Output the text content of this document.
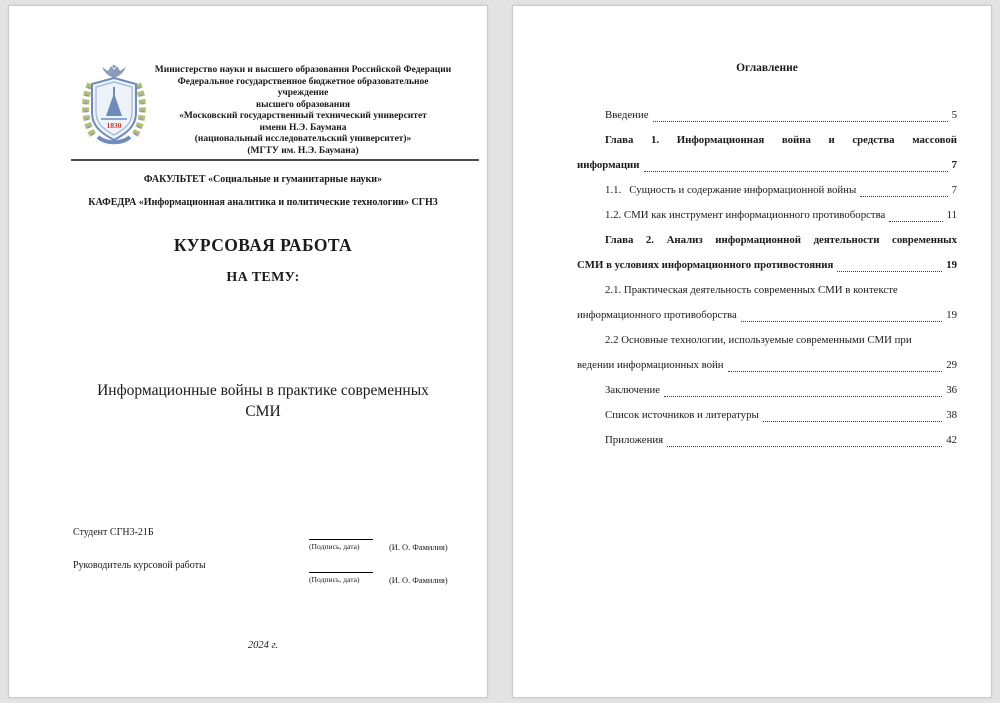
1830
Министерство науки и высшего образования Российской Федерации
Федеральное государственное бюджетное образовательное учреждение
высшего образования
«Московский государственный технический университет
имени Н.Э. Баумана
(национальный исследовательский университет)»
(МГТУ им. Н.Э. Баумана)
ФАКУЛЬТЕТ «Социальные и гуманитарные науки»
КАФЕДРА «Информационная аналитика и политические технологии» СГН3
КУРСОВАЯ РАБОТА
НА ТЕМУ:
Информационные войны в практике современных СМИ
Студент СГН3-21Б
(Подпись, дата)	(И. О. Фамилия)
Руководитель курсовой работы
(Подпись, дата)	(И. О. Фамилия)
2024 г.
Оглавление
Введение	5
Глава 1. Информационная война и средства массовой
информации	7
1.1.   Сущность и содержание информационной войны	7
1.2. СМИ как инструмент информационного противоборства	11
Глава 2. Анализ информационной деятельности современных
СМИ в условиях информационного противостояния	19
2.1. Практическая деятельность современных СМИ в контексте
информационного противоборства	19
2.2 Основные технологии, используемые современными СМИ при
ведении информационных войн	29
Заключение	36
Список источников и литературы	38
Приложения	42
